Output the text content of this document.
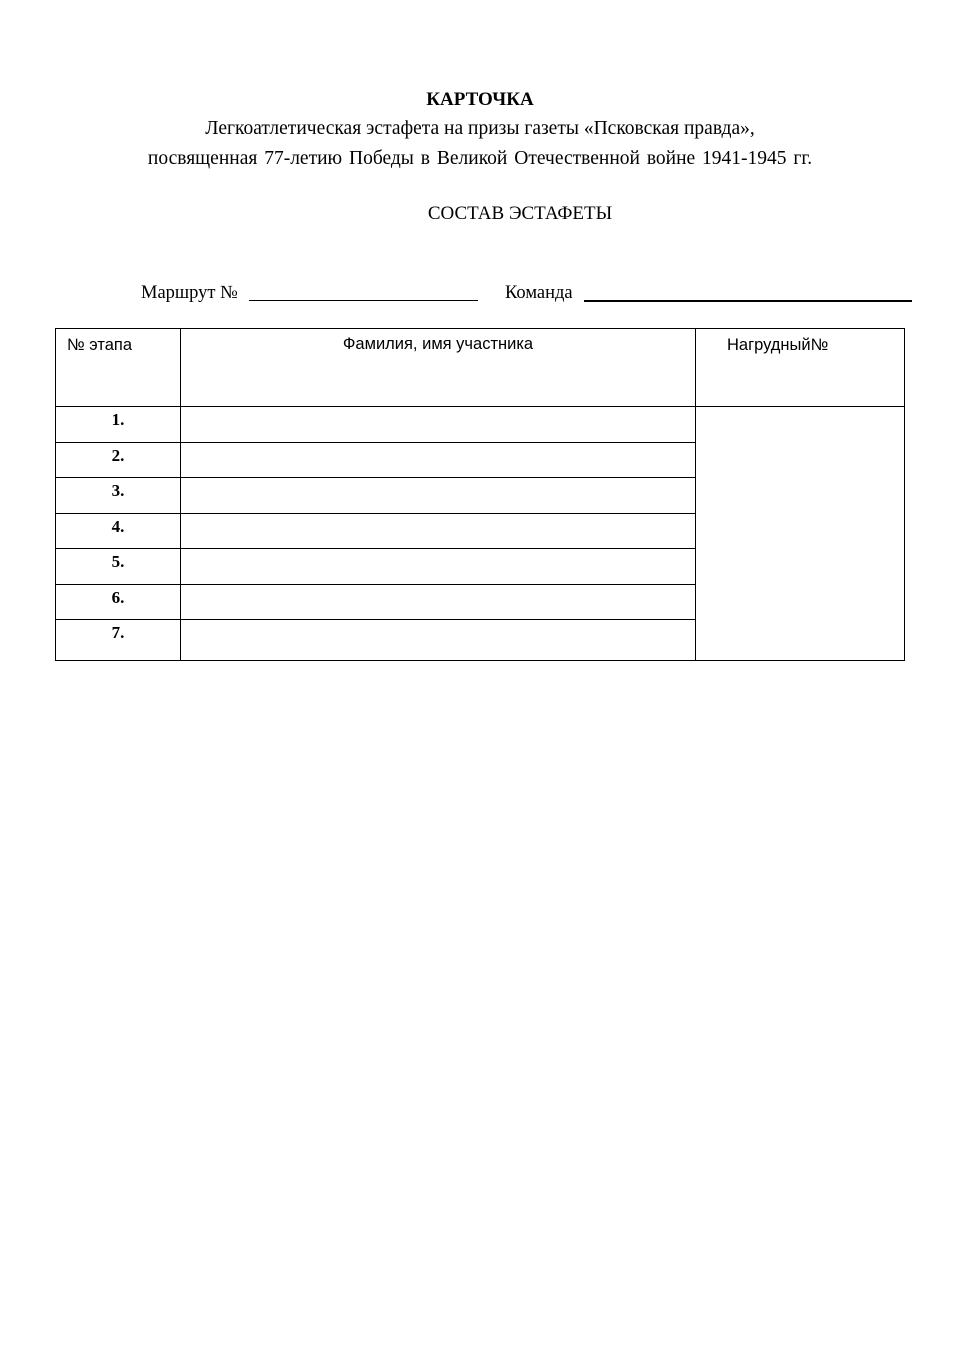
КАРТОЧКА
Легкоатлетическая эстафета на призы газеты «Псковская правда»,
посвященная 77-летию Победы в Великой Отечественной войне 1941-1945 гг.
СОСТАВ ЭСТАФЕТЫ
Маршрут №	Команда
№ этапа	Фамилия, имя участника	Нагрудный№
1.		
2.		
3.		
4.		
5.		
6.		
7.		
